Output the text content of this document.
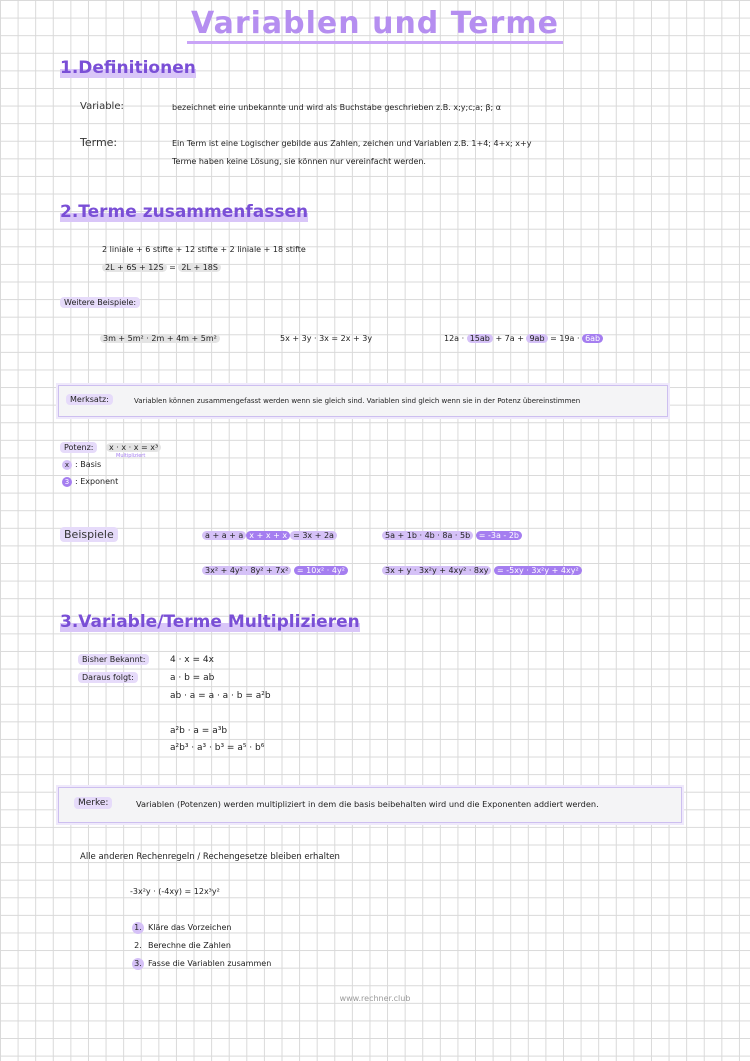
Variablen und Terme
1.Definitionen
Variable:	bezeichnet eine unbekannte und wird als Buchstabe geschrieben z.B. x;y;c;a; β; α
Terme:	Ein Term ist eine Logischer gebilde aus Zahlen, zeichen und Variablen z.B. 1+4; 4+x; x+y
Terme haben keine Lösung, sie können nur vereinfacht werden.
2.Terme zusammenfassen
2 liniale + 6 stifte + 12 stifte + 2 liniale + 18 stifte
2L + 6S + 12S = 2L + 18S
Weitere Beispiele:
3m + 5m² · 2m + 4m + 5m²	5x + 3y · 3x = 2x + 3y	12a · 15ab + 7a + 9ab = 19a · 6ab
Merksatz:	Variablen können zusammengefasst werden wenn sie gleich sind. Variablen sind gleich wenn sie in der Potenz übereinstimmen
Potenz:	x · x · x = x³
Multipliziert
x : Basis
3 : Exponent
Beispiele	a + a + a x + x + x = 3x + 2a	5a + 1b · 4b · 8a · 5b = -3a - 2b
3x² + 4y² · 8y² + 7x² = 10x² · 4y²	3x + y · 3x²y + 4xy² · 8xy = -5xy · 3x²y + 4xy²
3.Variable/Terme Multiplizieren
Bisher Bekannt:	4 · x = 4x
Daraus folgt:	a · b = ab
ab · a = a · a · b = a²b
a²b · a = a³b
a²b³ · a³ · b³ = a⁵ · b⁶
Merke:	Variablen (Potenzen) werden multipliziert in dem die basis beibehalten wird und die Exponenten addiert werden.
Alle anderen Rechenregeln / Rechengesetze bleiben erhalten
-3x²y · (-4xy) = 12x³y²
1. Kläre das Vorzeichen
2. Berechne die Zahlen
3. Fasse die Variablen zusammen
www.rechner.club
